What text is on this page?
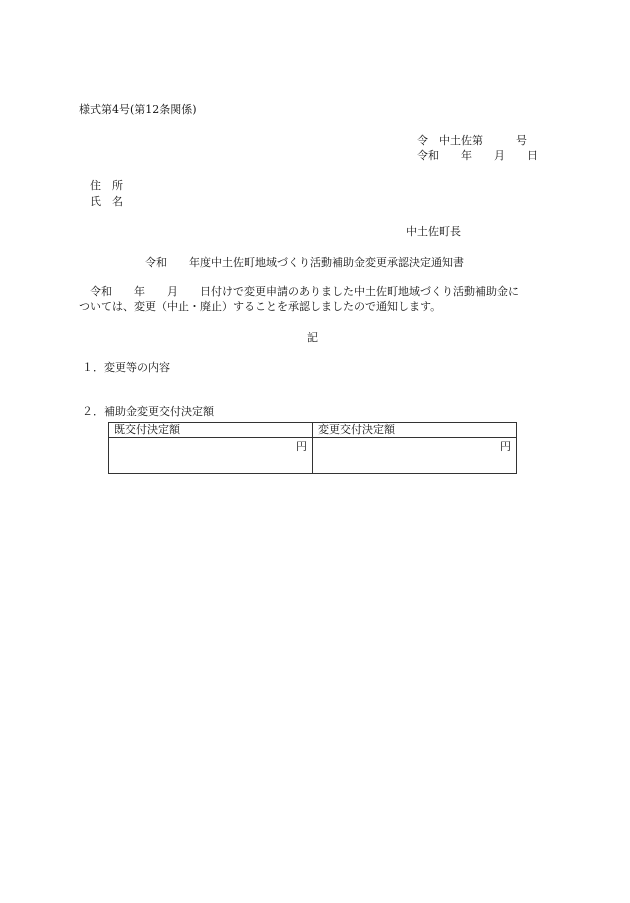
様式第4号(第12条関係)
令　中土佐第　　　号
令和　　年　　月　　日
住　所
氏　名
中土佐町長
令和　　年度中土佐町地域づくり活動補助金変更承認決定通知書
令和　　年　　月　　日付けで変更申請のありました中土佐町地域づくり活動補助金に
ついては、変更（中止・廃止）することを承認しましたので通知します。
記
１．変更等の内容
２．補助金変更交付決定額
既交付決定額	変更交付決定額
円	円
